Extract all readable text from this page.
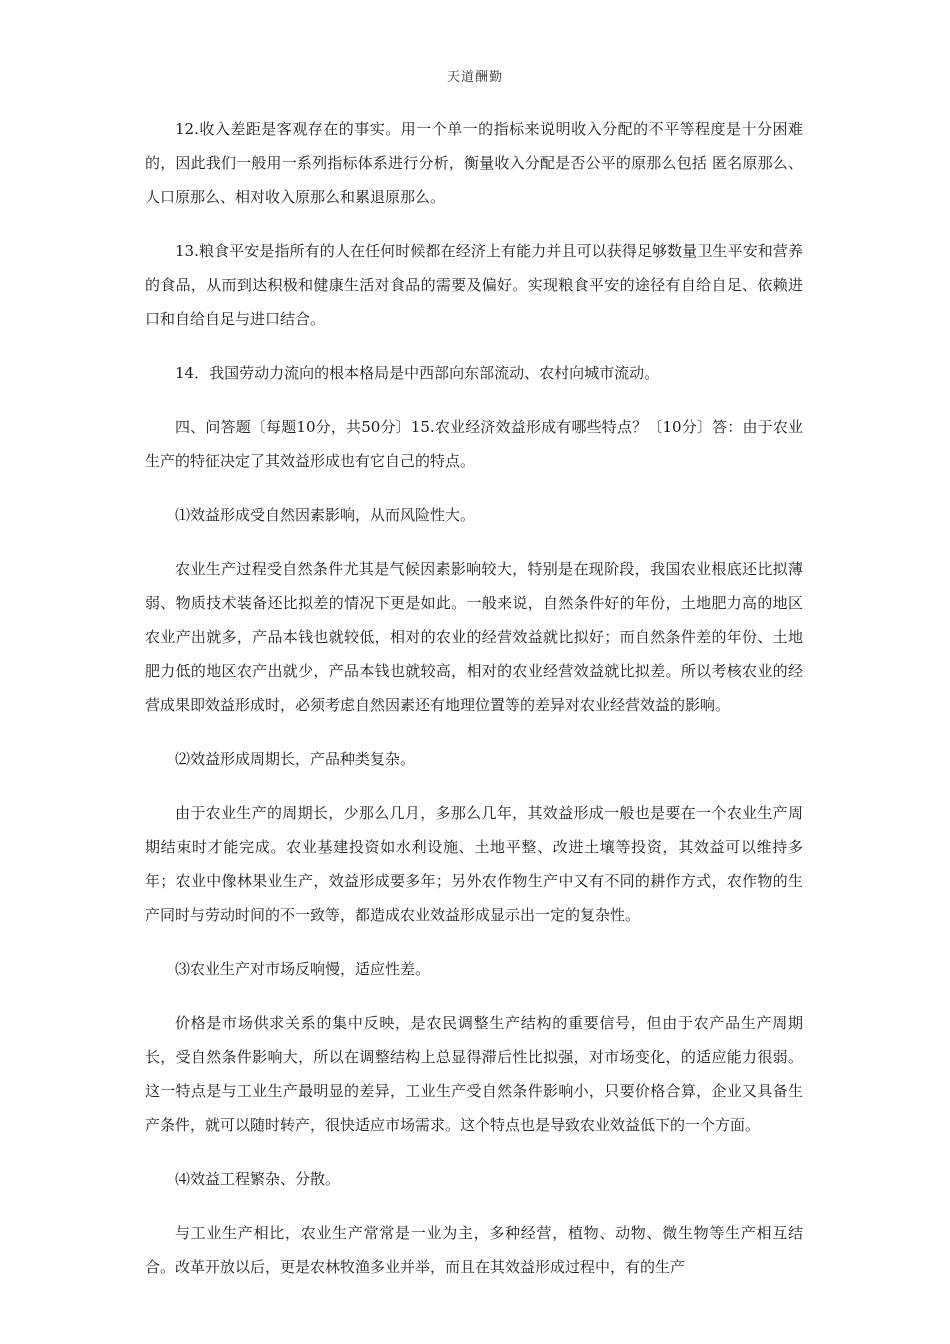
天道酬勤

12.收入差距是客观存在的事实。用一个单一的指标来说明收入分配的不平等程度是十分困难的，因此我们一般用一系列指标体系进行分析，衡量收入分配是否公平的原那么包括 匿名原那么、人口原那么、相对收入原那么和累退原那么。

13.粮食平安是指所有的人在任何时候都在经济上有能力并且可以获得足够数量卫生平安和营养的食品，从而到达积极和健康生活对食品的需要及偏好。实现粮食平安的途径有自给自足、依赖进口和自给自足与进口结合。

14．我国劳动力流向的根本格局是中西部向东部流动、农村向城市流动。

四、问答题〔每题10分，共50分〕15.农业经济效益形成有哪些特点？〔10分〕答：由于农业生产的特征决定了其效益形成也有它自己的特点。

⑴效益形成受自然因素影响，从而风险性大。

农业生产过程受自然条件尤其是气候因素影响较大，特别是在现阶段，我国农业根底还比拟薄弱、物质技术装备还比拟差的情况下更是如此。一般来说，自然条件好的年份，土地肥力高的地区农业产出就多，产品本钱也就较低，相对的农业的经营效益就比拟好；而自然条件差的年份、土地肥力低的地区农产出就少，产品本钱也就较高，相对的农业经营效益就比拟差。所以考核农业的经营成果即效益形成时，必须考虑自然因素还有地理位置等的差异对农业经营效益的影响。

⑵效益形成周期长，产品种类复杂。

由于农业生产的周期长，少那么几月，多那么几年，其效益形成一般也是要在一个农业生产周期结束时才能完成。农业基建投资如水利设施、土地平整、改进土壤等投资，其效益可以维持多年；农业中像林果业生产，效益形成要多年；另外农作物生产中又有不同的耕作方式，农作物的生产同时与劳动时间的不一致等，都造成农业效益形成显示出一定的复杂性。

⑶农业生产对市场反响慢，适应性差。

价格是市场供求关系的集中反映，是农民调整生产结构的重要信号，但由于农产品生产周期长，受自然条件影响大，所以在调整结构上总显得滞后性比拟强，对市场变化，的适应能力很弱。这一特点是与工业生产最明显的差异，工业生产受自然条件影响小，只要价格合算，企业又具备生产条件，就可以随时转产，很快适应市场需求。这个特点也是导致农业效益低下的一个方面。

⑷效益工程繁杂、分散。

与工业生产相比，农业生产常常是一业为主，多种经营，植物、动物、微生物等生产相互结合。改革开放以后，更是农林牧渔多业并举，而且在其效益形成过程中，有的生产
